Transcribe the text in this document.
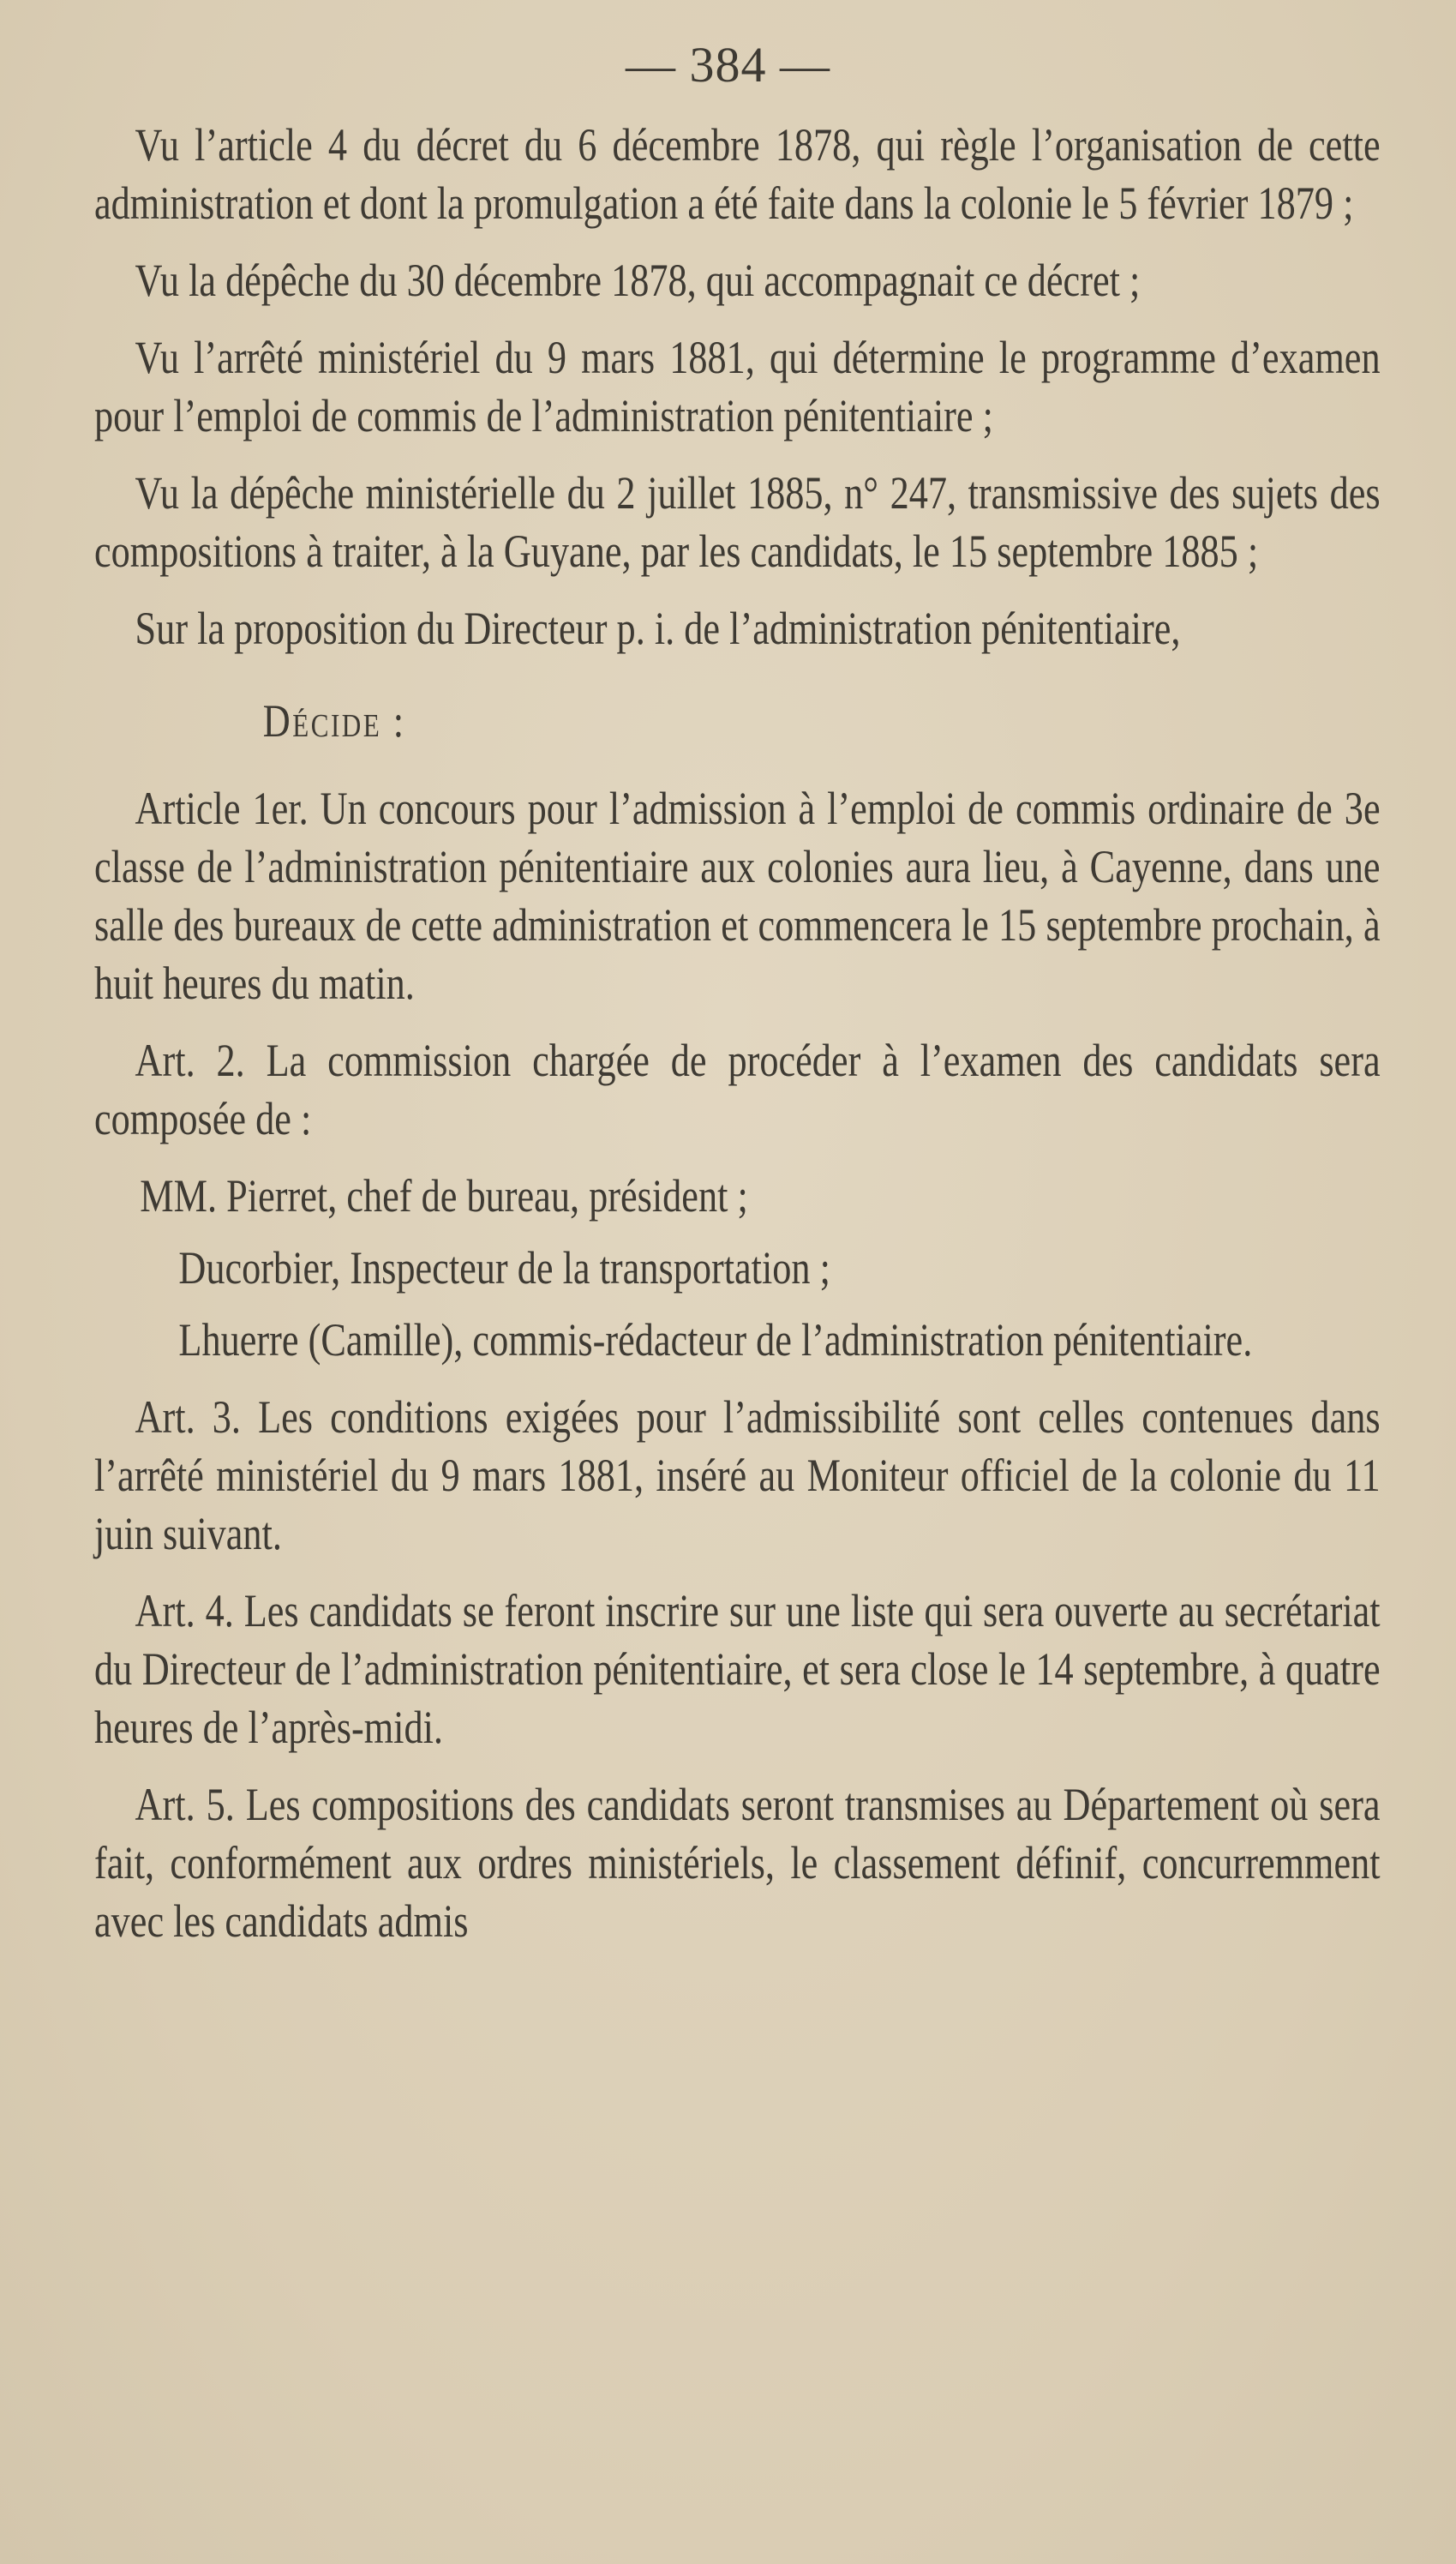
— 384 —

Vu l’article 4 du décret du 6 décembre 1878, qui règle l’organisation de cette administration et dont la promulgation a été faite dans la colonie le 5 février 1879 ;

Vu la dépêche du 30 décembre 1878, qui accompagnait ce décret ;

Vu l’arrêté ministériel du 9 mars 1881, qui détermine le programme d’examen pour l’emploi de commis de l’administration pénitentiaire ;

Vu la dépêche ministérielle du 2 juillet 1885, n° 247, transmissive des sujets des compositions à traiter, à la Guyane, par les candidats, le 15 septembre 1885 ;

Sur la proposition du Directeur p. i. de l’administration pénitentiaire,

Décide :

Article 1er. Un concours pour l’admission à l’emploi de commis ordinaire de 3e classe de l’administration pénitentiaire aux colonies aura lieu, à Cayenne, dans une salle des bureaux de cette administration et commencera le 15 septembre prochain, à huit heures du matin.

Art. 2. La commission chargée de procéder à l’examen des candidats sera composée de :

MM. Pierret, chef de bureau, président ;

Ducorbier, Inspecteur de la transportation ;

Lhuerre (Camille), commis-rédacteur de l’administration pénitentiaire.

Art. 3. Les conditions exigées pour l’admissibilité sont celles contenues dans l’arrêté ministériel du 9 mars 1881, inséré au Moniteur officiel de la colonie du 11 juin suivant.

Art. 4. Les candidats se feront inscrire sur une liste qui sera ouverte au secrétariat du Directeur de l’administration pénitentiaire, et sera close le 14 septembre, à quatre heures de l’après-midi.

Art. 5. Les compositions des candidats seront transmises au Département où sera fait, conformément aux ordres ministériels, le classement définif, concurremment avec les candidats admis
